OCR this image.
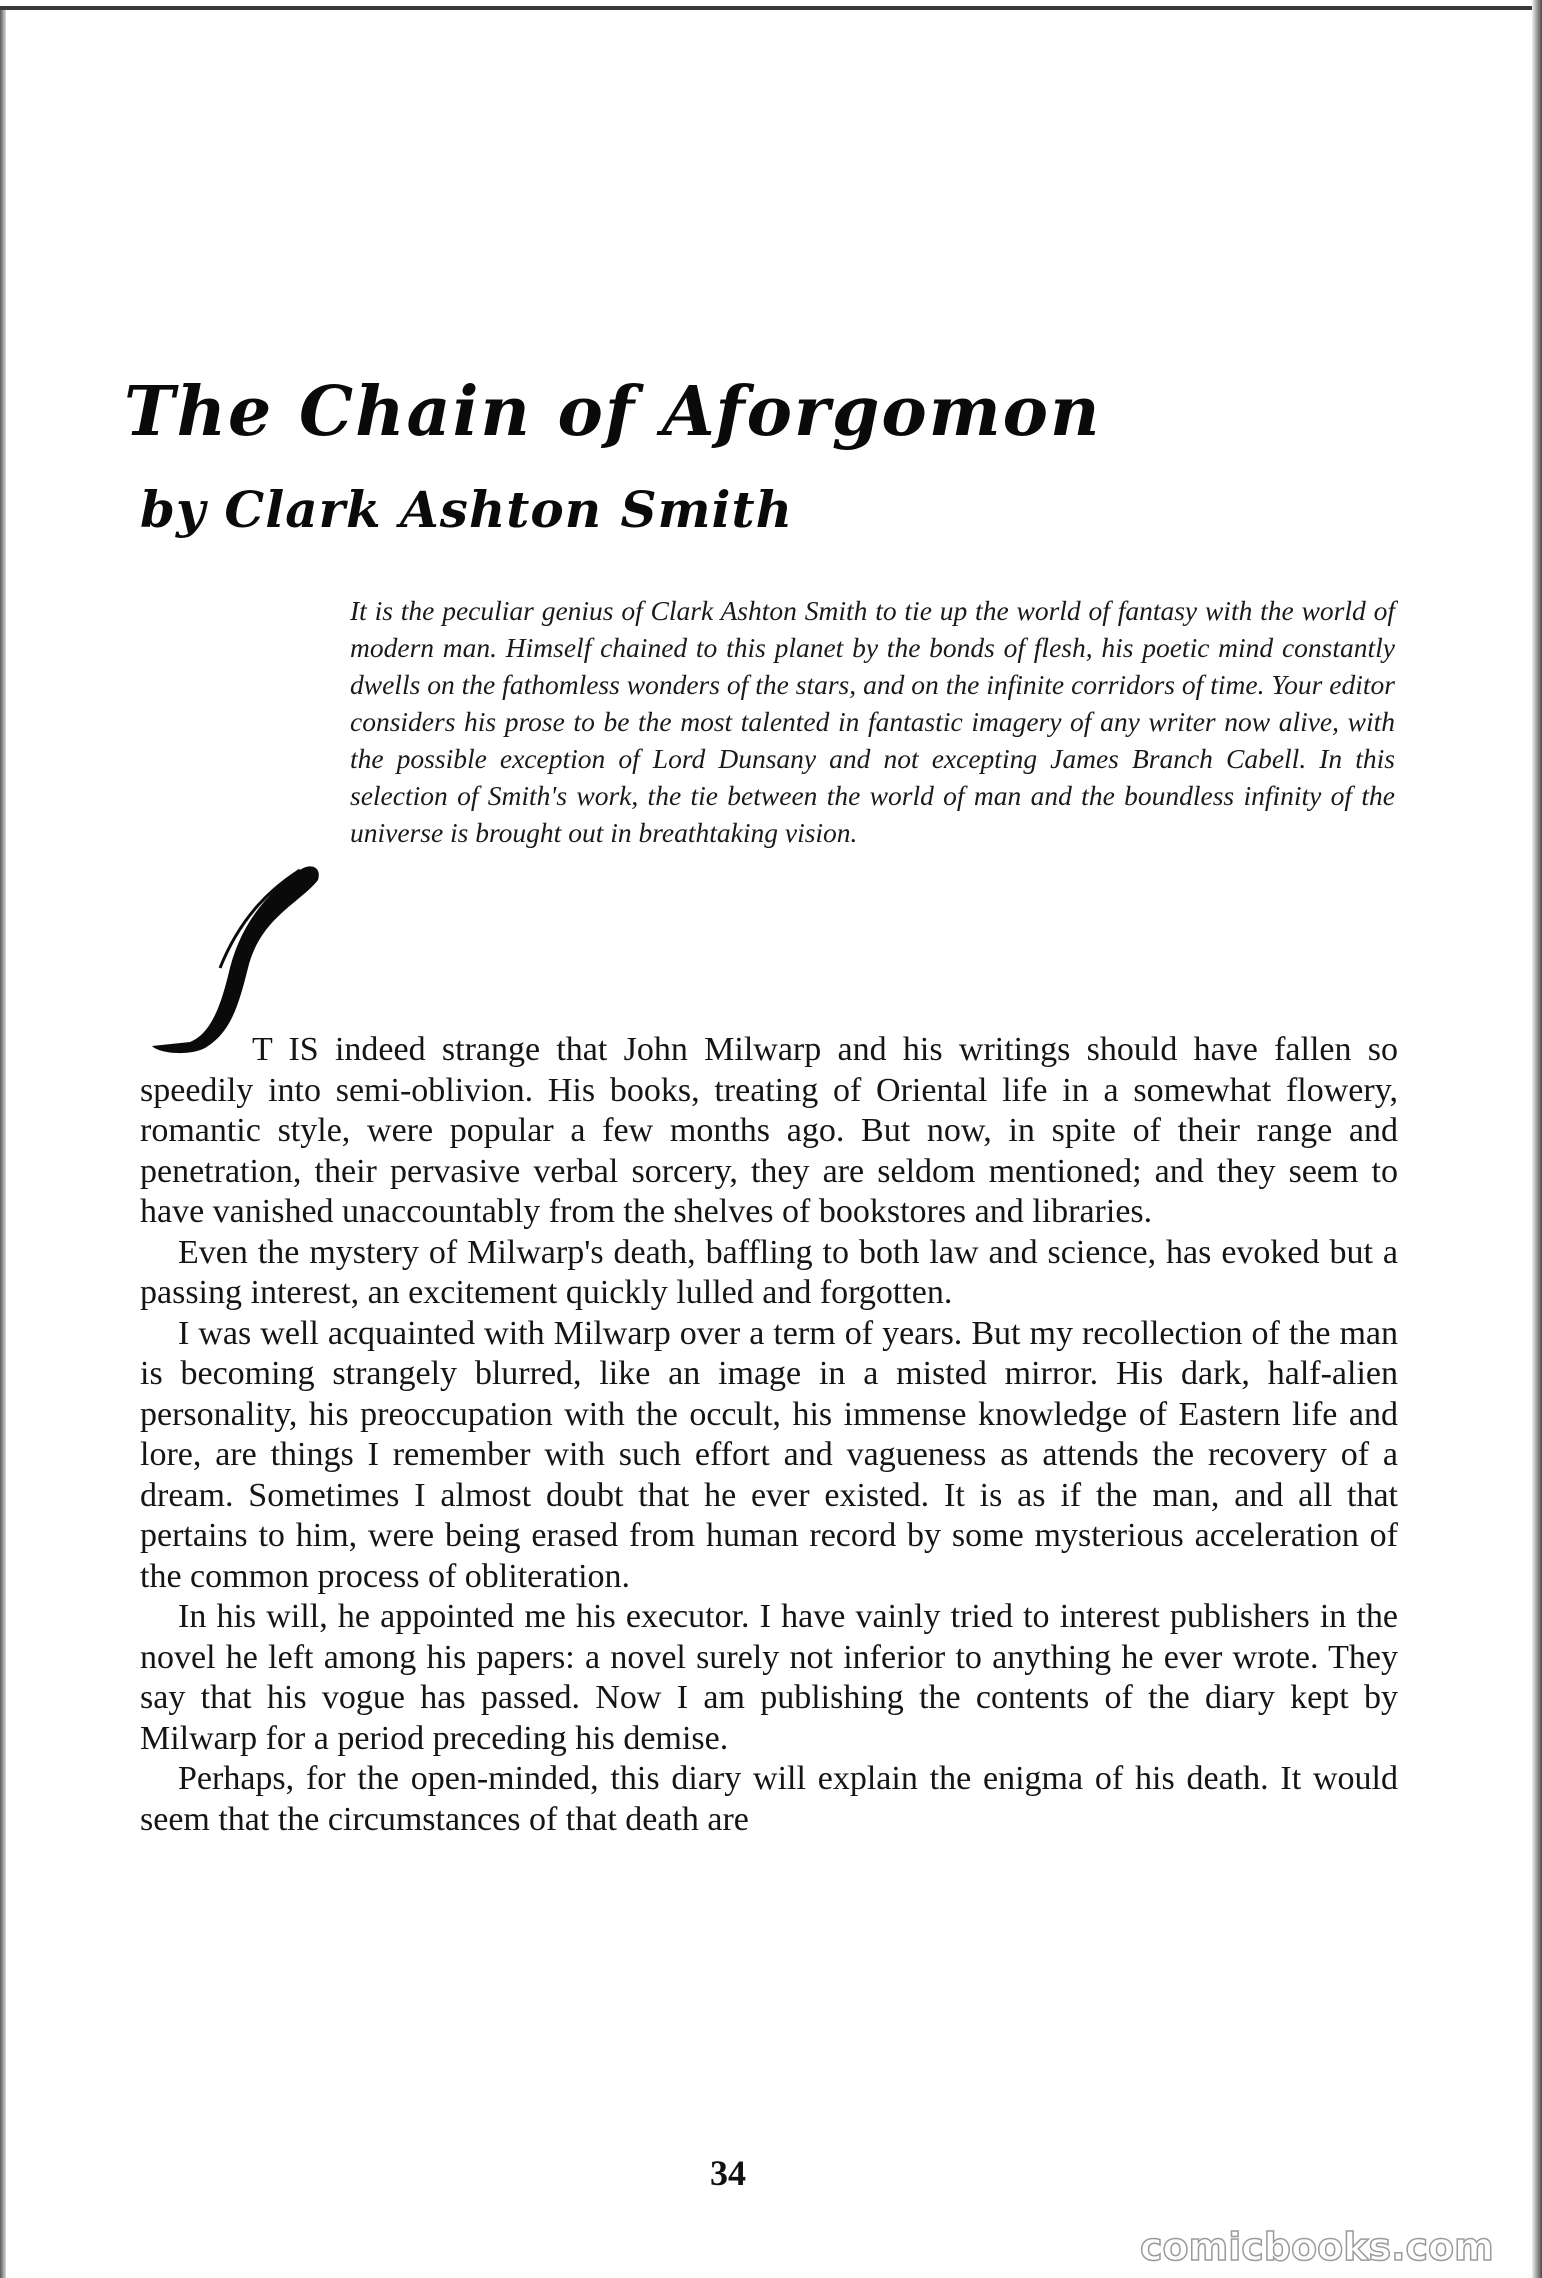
The Chain of Aforgomon
by Clark Ashton Smith

It is the peculiar genius of Clark Ashton Smith to tie up the world of fantasy with the world of modern man. Himself chained to this planet by the bonds of flesh, his poetic mind constantly dwells on the fathomless wonders of the stars, and on the infinite corridors of time. Your editor considers his prose to be the most talented in fantastic imagery of any writer now alive, with the possible exception of Lord Dunsany and not excepting James Branch Cabell. In this selection of Smith's work, the tie between the world of man and the boundless infinity of the universe is brought out in breathtaking vision.

T IS indeed strange that John Milwarp and his writings should have fallen so speedily into semi-oblivion. His books, treating of Oriental life in a somewhat flowery, romantic style, were popular a few months ago. But now, in spite of their range and penetration, their pervasive verbal sorcery, they are seldom mentioned; and they seem to have vanished unaccountably from the shelves of bookstores and libraries.

Even the mystery of Milwarp's death, baffling to both law and science, has evoked but a passing interest, an excitement quickly lulled and forgotten.

I was well acquainted with Milwarp over a term of years. But my recollection of the man is becoming strangely blurred, like an image in a misted mirror. His dark, half-alien personality, his preoccupation with the occult, his immense knowledge of Eastern life and lore, are things I remember with such effort and vagueness as attends the recovery of a dream. Sometimes I almost doubt that he ever existed. It is as if the man, and all that pertains to him, were being erased from human record by some mysterious acceleration of the common process of obliteration.

In his will, he appointed me his executor. I have vainly tried to interest publishers in the novel he left among his papers: a novel surely not inferior to anything he ever wrote. They say that his vogue has passed. Now I am publishing the contents of the diary kept by Milwarp for a period preceding his demise.

Perhaps, for the open-minded, this diary will explain the enigma of his death. It would seem that the circumstances of that death are

34

comicbooks.com
